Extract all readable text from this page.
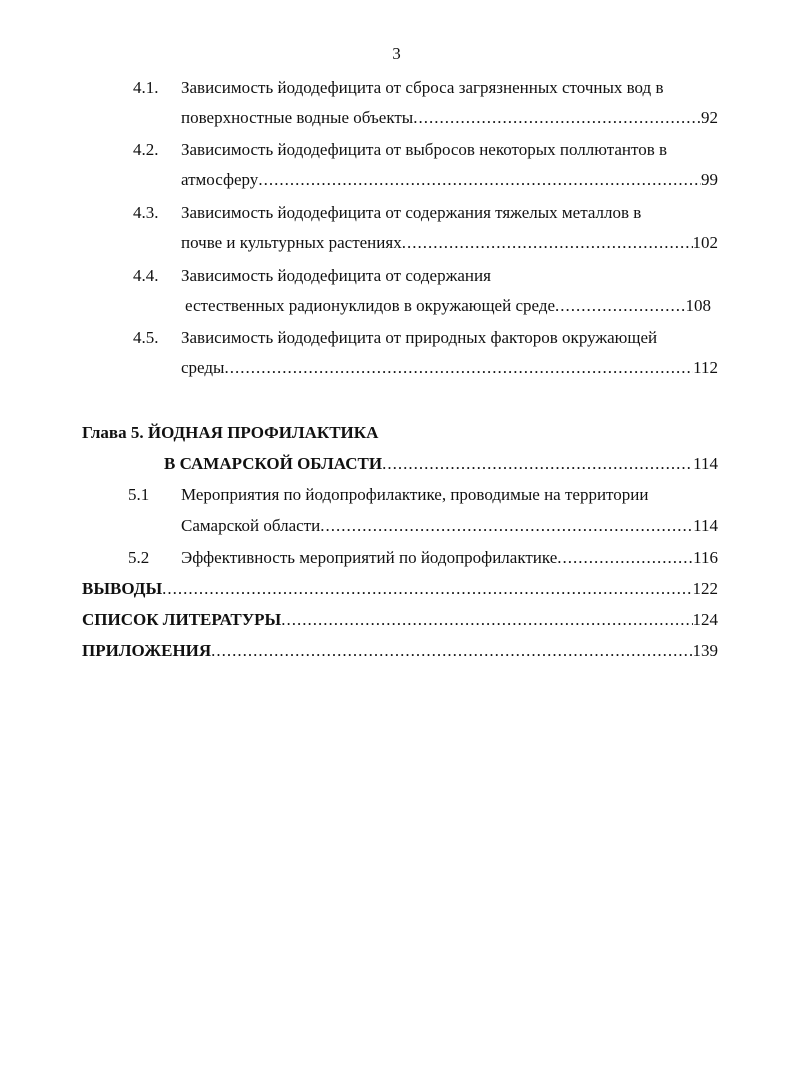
3
4.1. Зависимость йододефицита от сброса загрязненных сточных вод в
поверхностные водные объекты .....	92
4.2. Зависимость йододефицита от выбросов некоторых поллютантов в
атмосферу .....	99
4.3. Зависимость йододефицита от содержания тяжелых металлов в
почве и культурных растениях .....	102
4.4. Зависимость йододефицита от содержания
естественных радионуклидов в окружающей среде .....	108
4.5. Зависимость йододефицита от природных факторов окружающей
среды .....	112
Глава 5. ЙОДНАЯ ПРОФИЛАКТИКА
В САМАРСКОЙ ОБЛАСТИ .....	114
5.1 Мероприятия по йодопрофилактике, проводимые на территории
Самарской области .....	114
5.2 Эффективность мероприятий по йодопрофилактике .....	116
ВЫВОДЫ .....	122
СПИСОК ЛИТЕРАТУРЫ .....	124
ПРИЛОЖЕНИЯ .....	139
